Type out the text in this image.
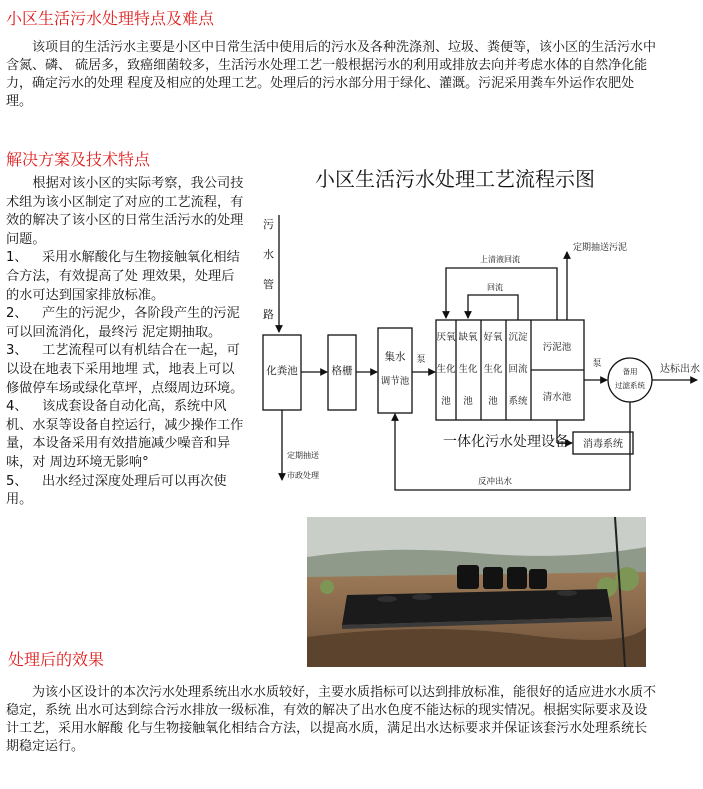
小区生活污水处理特点及难点

该项目的生活污水主要是小区中日常生活中使用后的污水及各种洗涤剂、垃圾、粪便等，该小区的生活污水中含氮、磷、 硫居多，致癌细菌较多，生活污水处理工艺一般根据污水的利用或排放去向并考虑水体的自然净化能力，确定污水的处理 程度及相应的处理工艺。处理后的污水部分用于绿化、灌溉。污泥采用粪车外运作农肥处理。

解决方案及技术特点

根据对该小区的实际考察，我公司技术组为该小区制定了对应的工艺流程，有效的解决了该小区的日常生活污水的处理 问题。

1、 采用水解酸化与生物接触氧化相结合方法，有效提高了处 理效果，处理后的水可达到国家排放标准。

2、 产生的污泥少，各阶段产生的污泥可以回流消化，最终污 泥定期抽取。

3、 工艺流程可以有机结合在一起，可以设在地表下采用地埋 式，地表上可以修做停车场或绿化草坪，点缀周边环境。

4、 该成套设备自动化高，系统中风机、水泵等设备自控运行，减少操作工作量，本设备采用有效措施减少噪音和异味，对 周边环境无影响°

5、 出水经过深度处理后可以再次使用。

小区生活污水处理工艺流程示图
污
水
管
路
化粪池	格栅
集水
调节池
泵
厌氧
生化
池
缺氧
生化
池
好氧
生化
池
沉淀
回流
系统
污泥池
清水池
上清液回流
回流
定期抽送污泥
泵
备用
过滤系统
达标出水
定期抽送
市政处理
一体化污水处理设备 消毒系统
反冲出水
处理后的效果

为该小区设计的本次污水处理系统出水水质较好，主要水质指标可以达到排放标准，能很好的适应进水水质不稳定，系统 出水可达到综合污水排放一级标准，有效的解决了出水色度不能达标的现实情况。根据实际要求及设计工艺，采用水解酸 化与生物接触氧化相结合方法，以提高水质，满足出水达标要求并保证该套污水处理系统长期稳定运行。
